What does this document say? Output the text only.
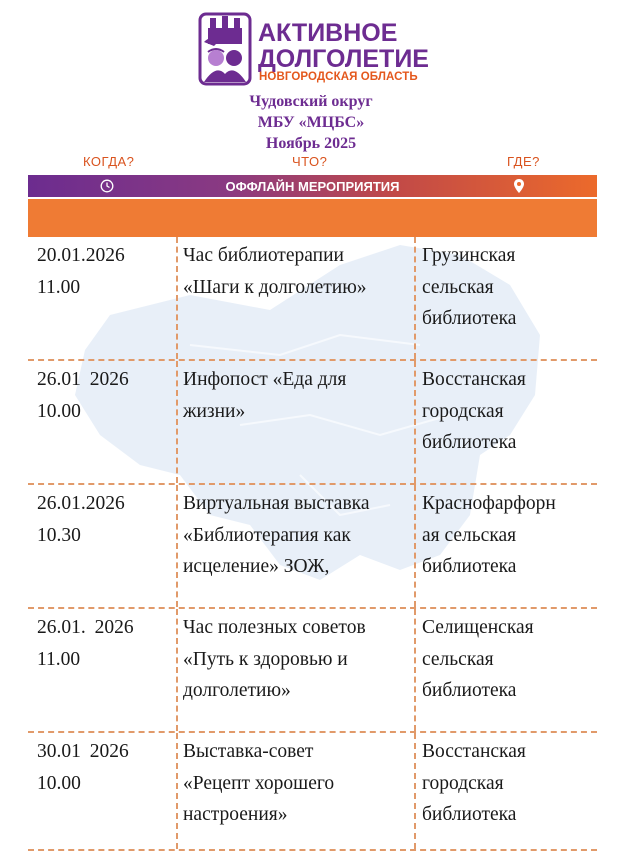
АКТИВНОЕ
ДОЛГОЛЕТИЕ
НОВГОРОДСКАЯ ОБЛАСТЬ
Чудовский округ
МБУ «МЦБС»
Ноябрь 2025
КОГДА?	ЧТО?	ГДЕ?
ОФФЛАЙН МЕРОПРИЯТИЯ
20.01.2026
11.00
Час библиотерапии
«Шаги к долголетию»
Грузинская
сельская
библиотека
26.01 2026
10.00
Инфопост «Еда для
жизни»
Восстанская
городская
библиотека
26.01.2026
10.30
Виртуальная выставка
«Библиотерапия как
исцеление» ЗОЖ,
Краснофарфорн
ая сельская
библиотека
26.01. 2026
11.00
Час полезных советов
«Путь к здоровью и
долголетию»
Селищенская
сельская
библиотека
30.01 2026
10.00
Выставка-совет
«Рецепт хорошего
настроения»
Восстанская
городская
библиотека
